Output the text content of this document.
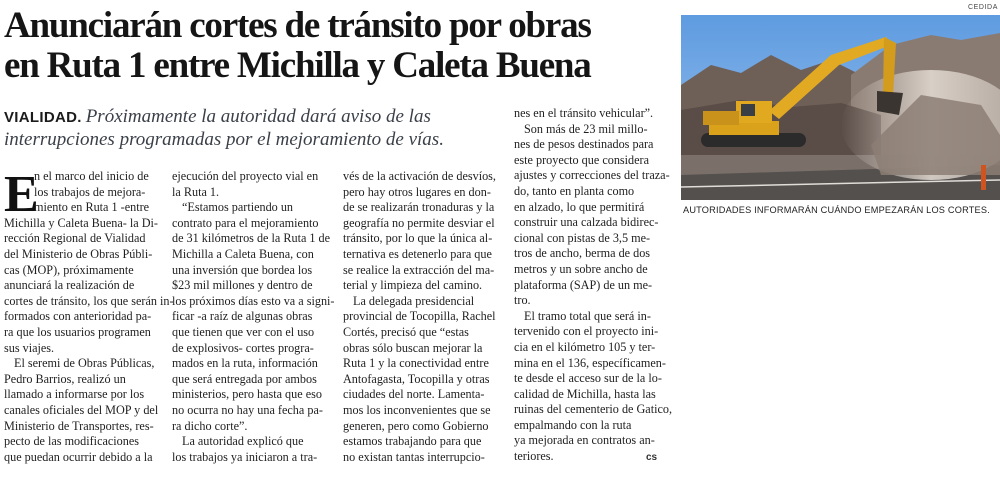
Anunciarán cortes de tránsito por obras
en Ruta 1 entre Michilla y Caleta Buena
VIALIDAD. Próximamente la autoridad dará aviso de las
interrupciones programadas por el mejoramiento de vías.
E
n el marco del inicio de
los trabajos de mejora-
miento en Ruta 1 -entre
Michilla y Caleta Buena- la Di-
rección Regional de Vialidad
del Ministerio de Obras Públi-
cas (MOP), próximamente
anunciará la realización de
cortes de tránsito, los que serán in-
formados con anterioridad pa-
ra que los usuarios programen
sus viajes.
El seremi de Obras Públicas,
Pedro Barrios, realizó un
llamado a informarse por los
canales oficiales del MOP y del
Ministerio de Transportes, res-
pecto de las modificaciones
que puedan ocurrir debido a la
ejecución del proyecto vial en
la Ruta 1.
“Estamos partiendo un
contrato para el mejoramiento
de 31 kilómetros de la Ruta 1 de
Michilla a Caleta Buena, con
una inversión que bordea los
$23 mil millones y dentro de
los próximos días esto va a signi-
ficar -a raíz de algunas obras
que tienen que ver con el uso
de explosivos- cortes progra-
mados en la ruta, información
que será entregada por ambos
ministerios, pero hasta que eso
no ocurra no hay una fecha pa-
ra dicho corte”.
La autoridad explicó que
los trabajos ya iniciaron a tra-
vés de la activación de desvíos,
pero hay otros lugares en don-
de se realizarán tronaduras y la
geografía no permite desviar el
tránsito, por lo que la única al-
ternativa es detenerlo para que
se realice la extracción del ma-
terial y limpieza del camino.
La delegada presidencial
provincial de Tocopilla, Rachel
Cortés, precisó que “estas
obras sólo buscan mejorar la
Ruta 1 y la conectividad entre
Antofagasta, Tocopilla y otras
ciudades del norte. Lamenta-
mos los inconvenientes que se
generen, pero como Gobierno
estamos trabajando para que
no existan tantas interrupcio-
nes en el tránsito vehicular”.
Son más de 23 mil millo-
nes de pesos destinados para
este proyecto que considera
ajustes y correcciones del traza-
do, tanto en planta como
en alzado, lo que permitirá
construir una calzada bidirec-
cional con pistas de 3,5 me-
tros de ancho, berma de dos
metros y un sobre ancho de
plataforma (SAP) de un me-
tro.
El tramo total que será in-
tervenido con el proyecto ini-
cia en el kilómetro 105 y ter-
mina en el 136, específicamen-
te desde el acceso sur de la lo-
calidad de Michilla, hasta las
ruinas del cementerio de Gatico,
empalmando con la ruta
ya mejorada en contratos an-
teriores.	cs
CEDIDA
AUTORIDADES INFORMARÁN CUÁNDO EMPEZARÁN LOS CORTES.
